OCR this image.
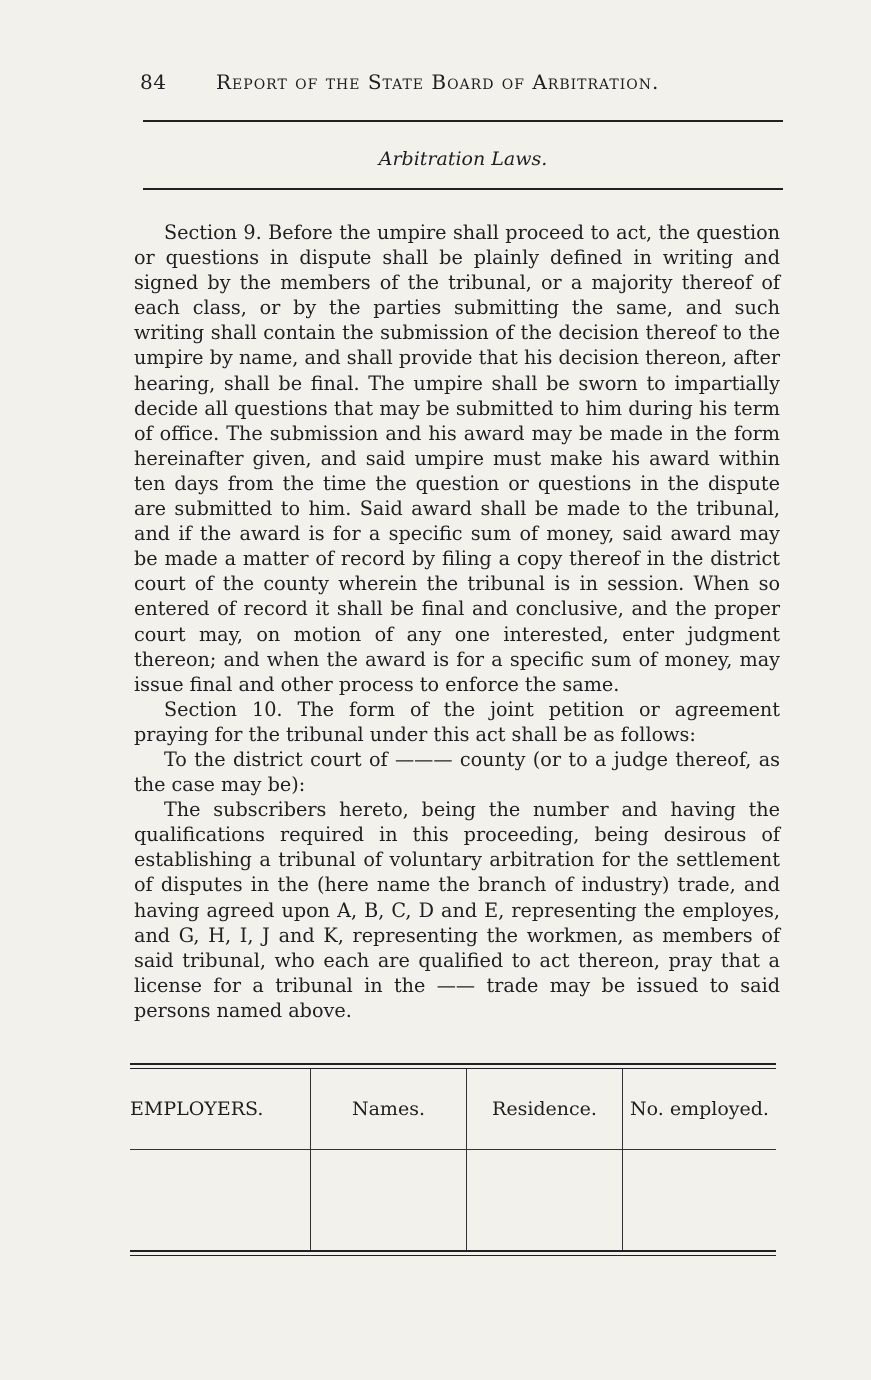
84 Report of the State Board of Arbitration.
Arbitration Laws.

Section 9. Before the umpire shall proceed to act, the question or questions in dispute shall be plainly defined in writing and signed by the members of the tribunal, or a majority thereof of each class, or by the parties submitting the same, and such writing shall contain the submission of the decision thereof to the umpire by name, and shall provide that his decision thereon, after hearing, shall be final. The umpire shall be sworn to impartially decide all questions that may be submitted to him during his term of office. The submission and his award may be made in the form hereinafter given, and said umpire must make his award within ten days from the time the question or questions in the dispute are submitted to him. Said award shall be made to the tribunal, and if the award is for a specific sum of money, said award may be made a matter of record by filing a copy thereof in the district court of the county wherein the tribunal is in session. When so entered of record it shall be final and conclusive, and the proper court may, on motion of any one interested, enter judgment thereon; and when the award is for a specific sum of money, may issue final and other process to enforce the same.

Section 10. The form of the joint petition or agreement praying for the tribunal under this act shall be as follows:

To the district court of ——— county (or to a judge thereof, as the case may be):

The subscribers hereto, being the number and having the qualifications required in this proceeding, being desirous of establishing a tribunal of voluntary arbitration for the settlement of disputes in the (here name the branch of industry) trade, and having agreed upon A, B, C, D and E, representing the employes, and G, H, I, J and K, representing the workmen, as members of said tribunal, who each are qualified to act thereon, pray that a license for a tribunal in the —— trade may be issued to said persons named above.

EMPLOYERS.	Names.	Residence.	No. employed.
